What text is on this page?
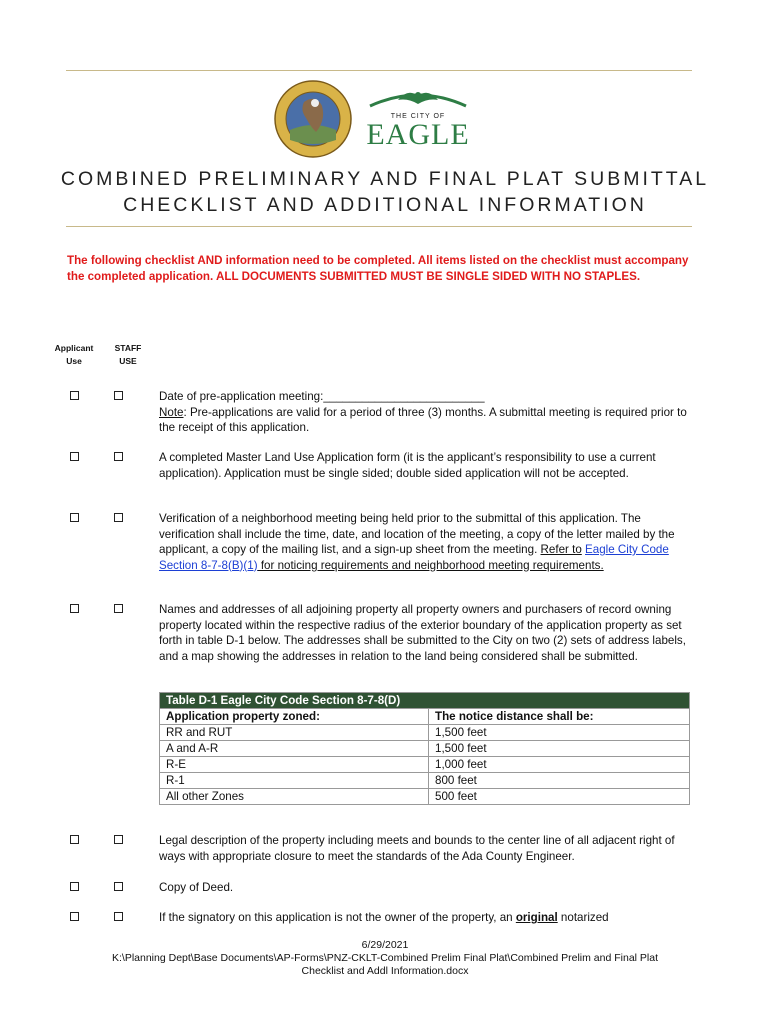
THE CITY OF
EAGLE
COMBINED PRELIMINARY AND FINAL PLAT SUBMITTAL
CHECKLIST AND ADDITIONAL INFORMATION
The following checklist AND information need to be completed. All items listed on the checklist must accompany the completed application. ALL DOCUMENTS SUBMITTED MUST BE SINGLE SIDED WITH NO STAPLES.
Applicant
Use
STAFF
USE
Date of pre-application meeting:_________________________
Note: Pre-applications are valid for a period of three (3) months. A submittal meeting is required prior to the receipt of this application.
A completed Master Land Use Application form (it is the applicant’s responsibility to use a current application). Application must be single sided; double sided application will not be accepted.
Verification of a neighborhood meeting being held prior to the submittal of this application. The verification shall include the time, date, and location of the meeting, a copy of the letter mailed by the applicant, a copy of the mailing list, and a sign-up sheet from the meeting. Refer to Eagle City Code Section 8-7-8(B)(1) for noticing requirements and neighborhood meeting requirements.
Names and addresses of all adjoining property all property owners and purchasers of record owning property located within the respective radius of the exterior boundary of the application property as set forth in table D-1 below. The addresses shall be submitted to the City on two (2) sets of address labels, and a map showing the addresses in relation to the land being considered shall be submitted.
Table D-1 Eagle City Code Section 8-7-8(D)	
Application property zoned:	The notice distance shall be:
RR and RUT	1,500 feet
A and A-R	1,500 feet
R-E	1,000 feet
R-1	800 feet
All other Zones	500 feet
Legal description of the property including meets and bounds to the center line of all adjacent right of ways with appropriate closure to meet the standards of the Ada County Engineer.
Copy of Deed.
If the signatory on this application is not the owner of the property, an original notarized
6/29/2021
K:\Planning Dept\Base Documents\AP-Forms\PNZ-CKLT-Combined Prelim Final Plat\Combined Prelim and Final Plat
Checklist and Addl Information.docx
